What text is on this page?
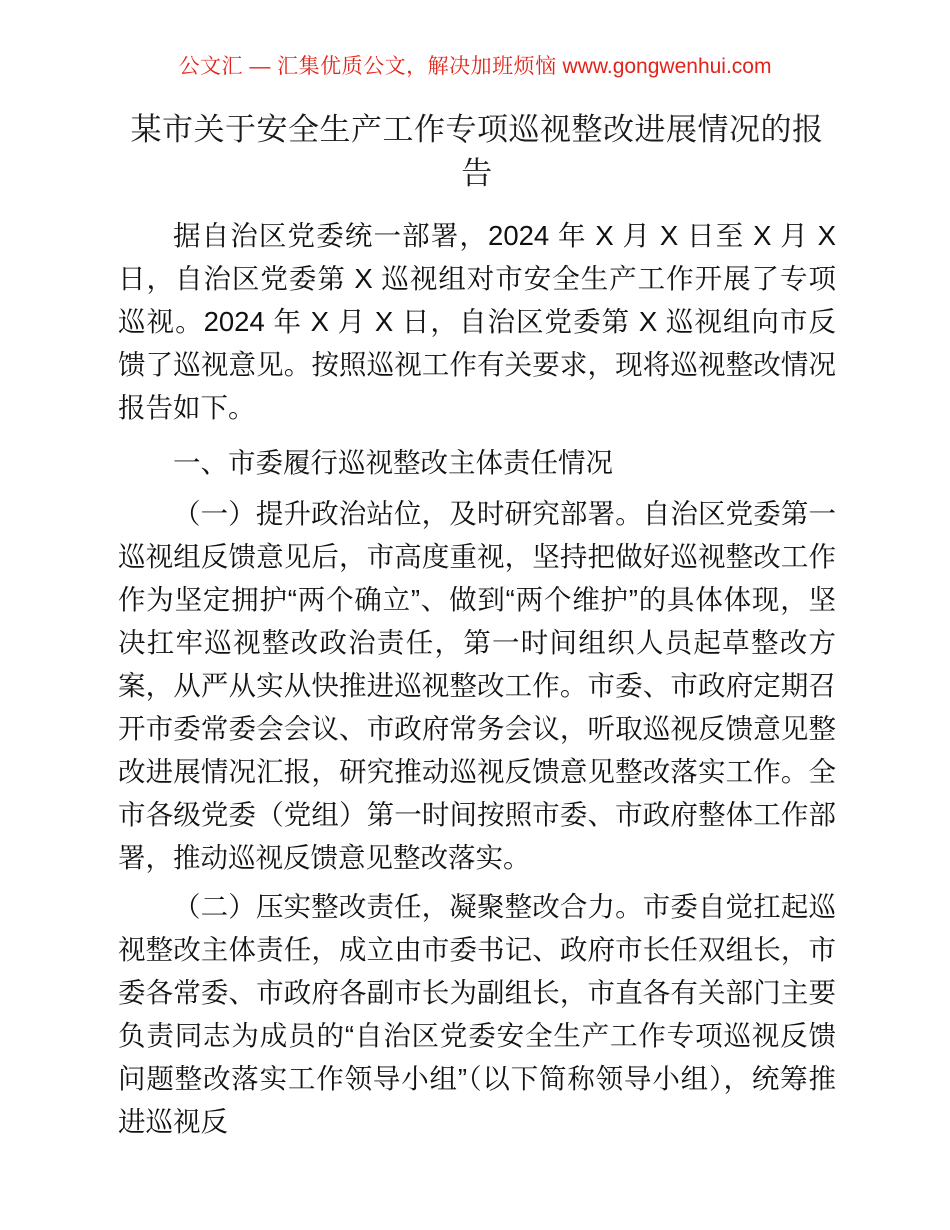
公文汇 — 汇集优质公文，解决加班烦恼 www.gongwenhui.com
某市关于安全生产工作专项巡视整改进展情况的报告

据自治区党委统一部署，2024 年 X 月 X 日至 X 月 X 日，自治区党委第 X 巡视组对市安全生产工作开展了专项巡视。2024 年 X 月 X 日，自治区党委第 X 巡视组向市反馈了巡视意见。按照巡视工作有关要求，现将巡视整改情况报告如下。

一、市委履行巡视整改主体责任情况

（一）提升政治站位，及时研究部署。自治区党委第一巡视组反馈意见后，市高度重视，坚持把做好巡视整改工作作为坚定拥护“两个确立”、做到“两个维护”的具体体现，坚决扛牢巡视整改政治责任，第一时间组织人员起草整改方案，从严从实从快推进巡视整改工作。市委、市政府定期召开市委常委会会议、市政府常务会议，听取巡视反馈意见整改进展情况汇报，研究推动巡视反馈意见整改落实工作。全市各级党委（党组）第一时间按照市委、市政府整体工作部署，推动巡视反馈意见整改落实。

（二）压实整改责任，凝聚整改合力。市委自觉扛起巡视整改主体责任，成立由市委书记、政府市长任双组长，市委各常委、市政府各副市长为副组长，市直各有关部门主要负责同志为成员的“自治区党委安全生产工作专项巡视反馈问题整改落实工作领导小组”（以下简称领导小组），统筹推进巡视反
